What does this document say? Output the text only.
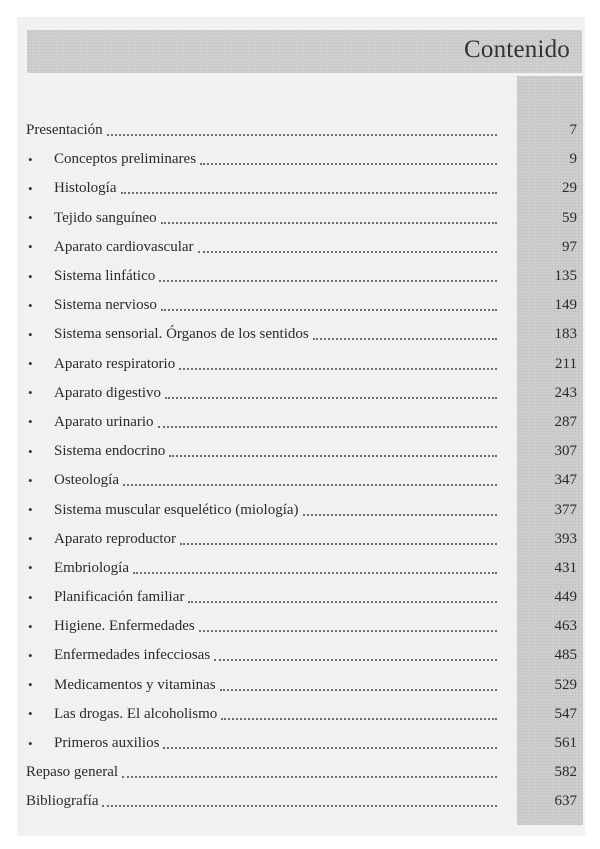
Contenido
Presentación	7
•	Conceptos preliminares	9
•	Histología	29
•	Tejido sanguíneo	59
•	Aparato cardiovascular	97
•	Sistema linfático	135
•	Sistema nervioso	149
•	Sistema sensorial. Órganos de los sentidos	183
•	Aparato respiratorio	211
•	Aparato digestivo	243
•	Aparato urinario	287
•	Sistema endocrino	307
•	Osteología	347
•	Sistema muscular esquelético (miología)	377
•	Aparato reproductor	393
•	Embriología	431
•	Planificación familiar	449
•	Higiene. Enfermedades	463
•	Enfermedades infecciosas	485
•	Medicamentos y vitaminas	529
•	Las drogas. El alcoholismo	547
•	Primeros auxilios	561
Repaso general	582
Bibliografía	637
